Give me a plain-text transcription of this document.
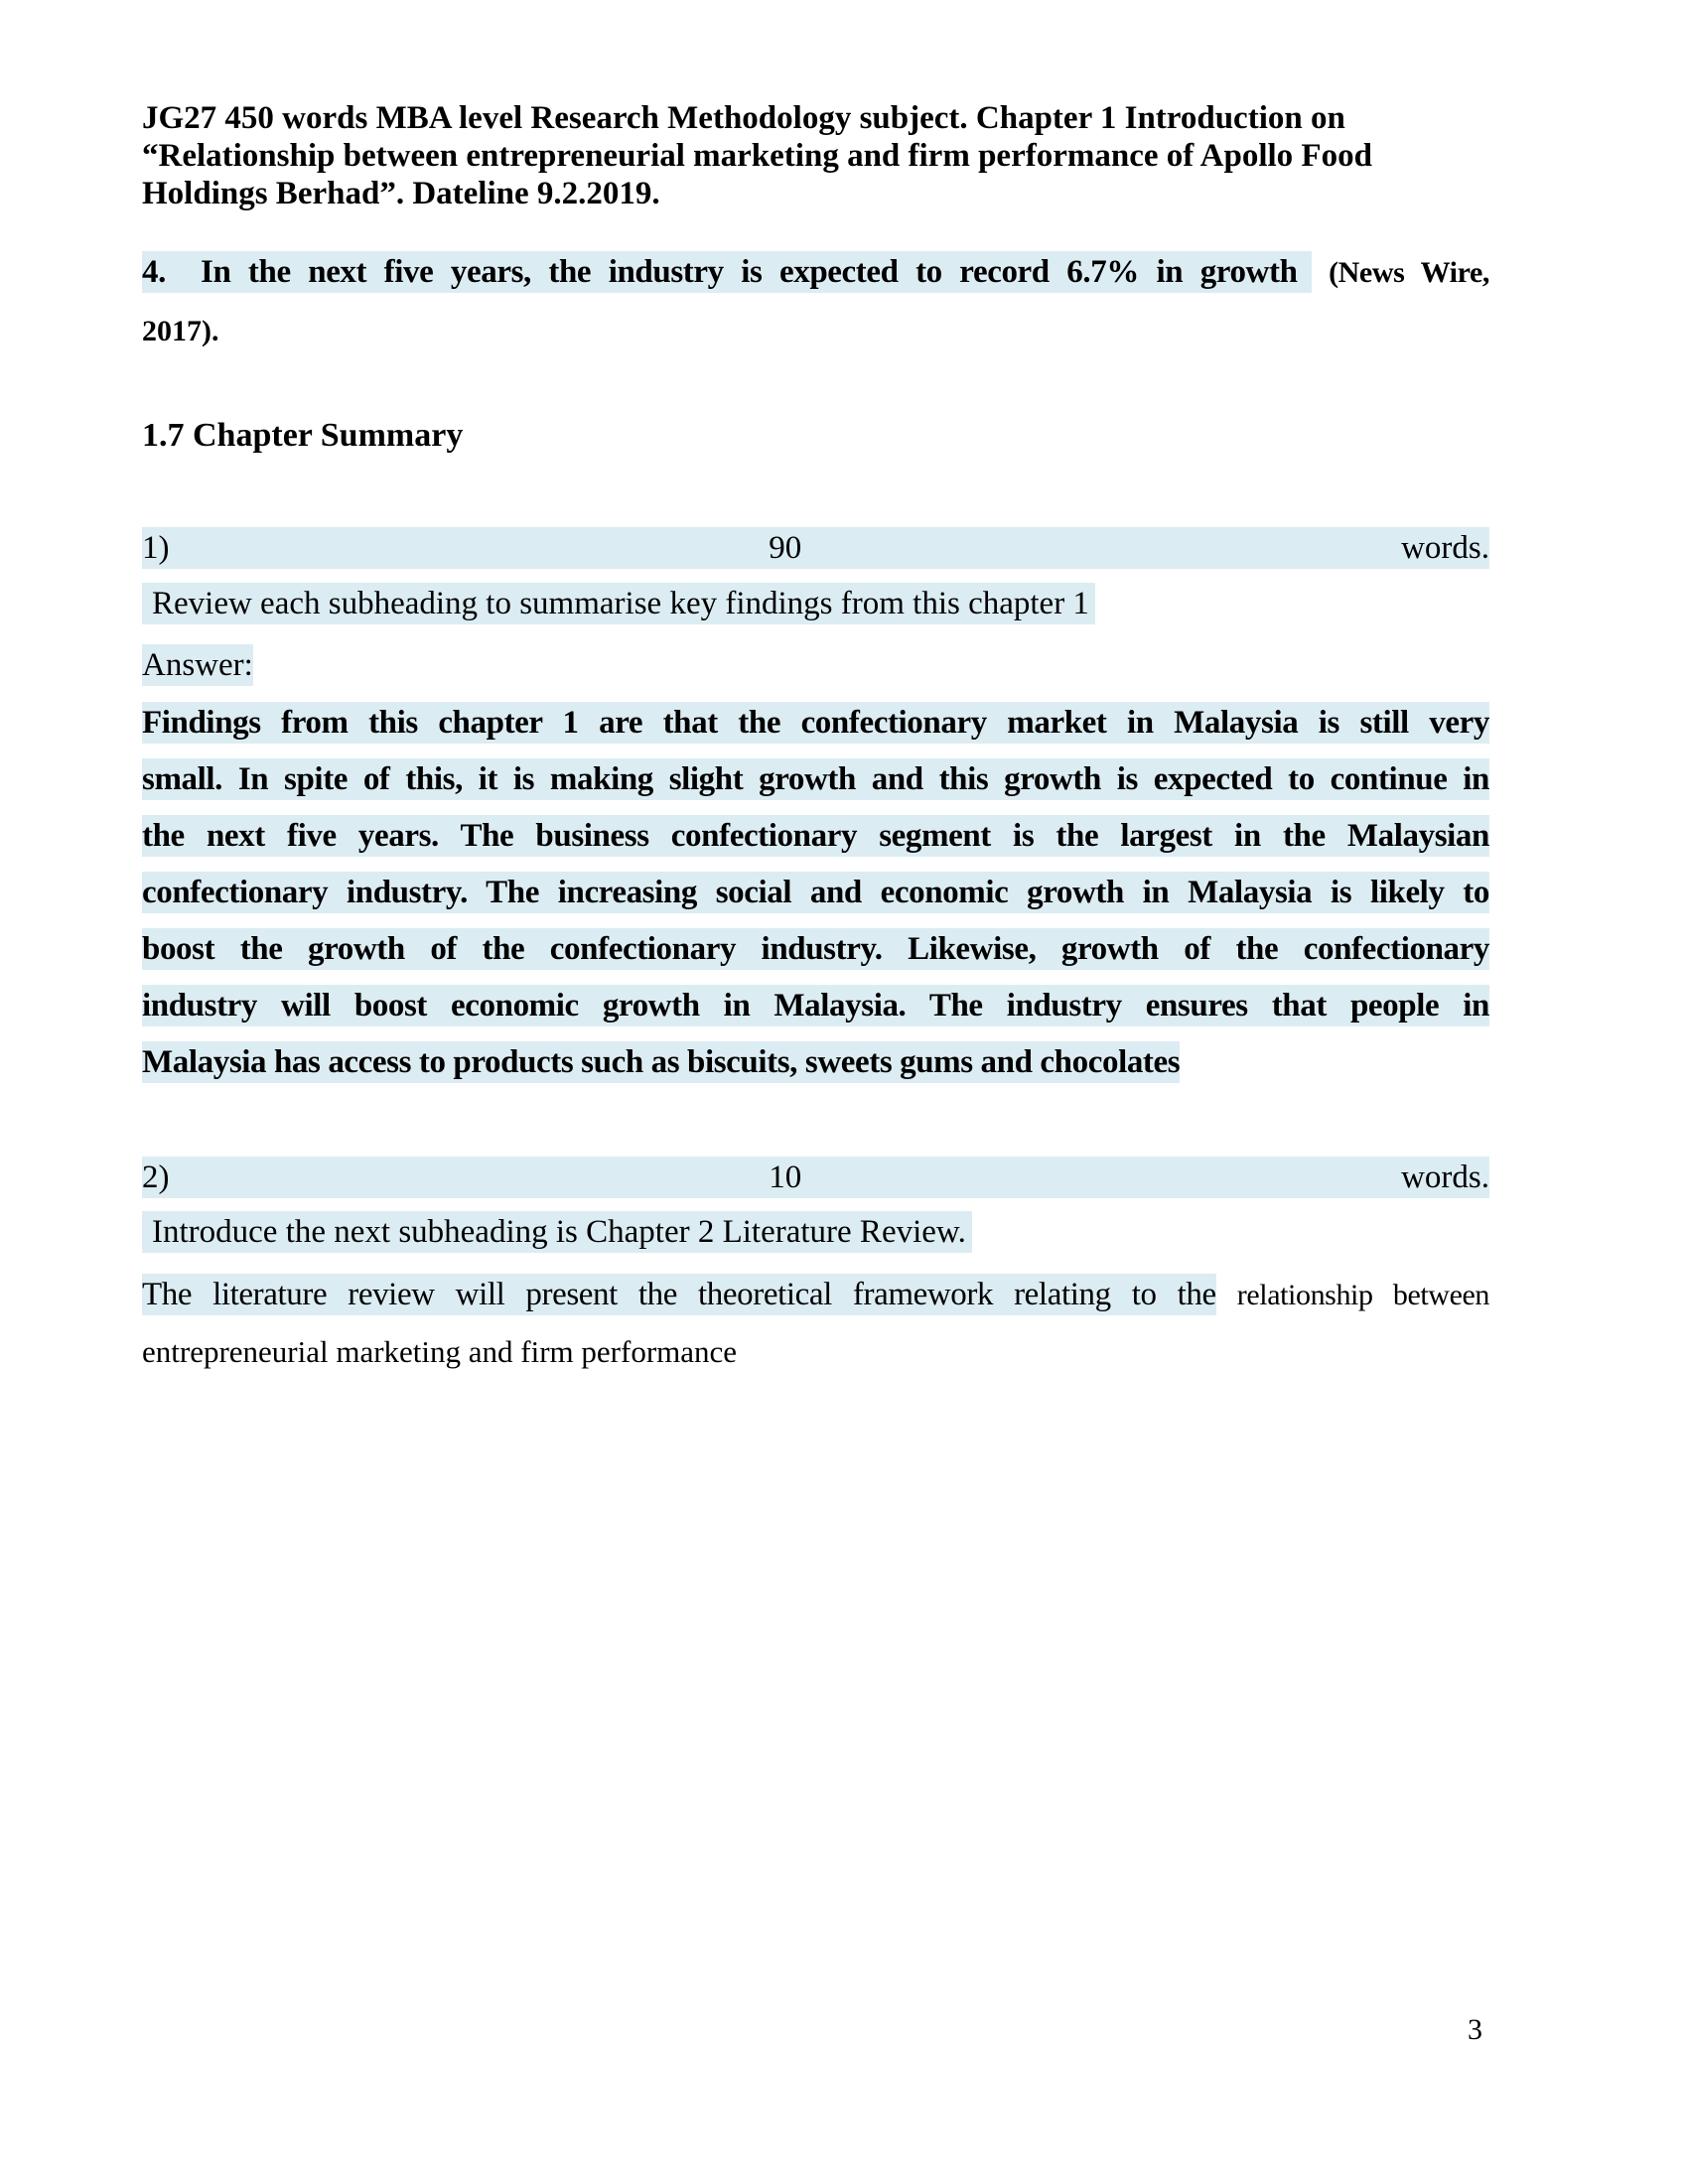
JG27 450 words MBA level Research Methodology subject. Chapter 1 Introduction on
“Relationship between entrepreneurial marketing and firm performance of Apollo Food
Holdings Berhad”. Dateline 9.2.2019.
4.  In the next five years, the industry is expected to record 6.7% in growth (News Wire,
2017).
1.7 Chapter Summary
1)	90	words.
Review each subheading to summarise key findings from this chapter 1
Answer:
Findings from this chapter 1 are that the confectionary market in Malaysia is still very
small. In spite of this, it is making slight growth and this growth is expected to continue in
the next five years. The business confectionary segment is the largest in the Malaysian
confectionary industry. The increasing social and economic growth in Malaysia is likely to
boost the growth of the confectionary industry. Likewise, growth of the confectionary
industry will boost economic growth in Malaysia. The industry ensures that people in
Malaysia has access to products such as biscuits, sweets gums and chocolates
2)	10	words.
Introduce the next subheading is Chapter 2 Literature Review.
The literature review will present the theoretical framework relating to the relationship between
entrepreneurial marketing and firm performance
3
